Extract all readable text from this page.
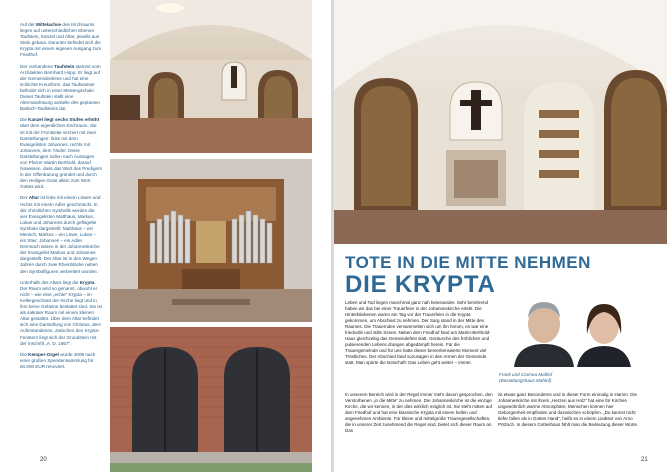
Auf der Mittelachse des Kirchraums liegen auf unterschiedlichen Ebenen Taufstein, Kanzel und Altar, jeweils aus Stein gebaut. Darunter befindet sich die Krypta mit einem eigenen Ausgang zum Friedhof.

Der vorhandene Taufstein stammt vom Architekten Bernhard Hopp. Er liegt auf der Gemeindeebene und hat eine schlichte Kreuzform, das Taufwasser befindet sich in einer Messingschale. Dieser Taufstein stellt eine Alternativlösung anstelle des geplanten Barlach-Taufsteins dar.

Die Kanzel liegt sechs Stufen erhöht über dem eigentlichen Kirchraum. Sie ist mit der Frontseite verziert mit zwei Darstellungen: links mit dem Evangelisten Johannes, rechts mit Johannes, dem Täufer. Diese Darstellungen sollen nach Aussagen von Pfarrer Martin Berthold, darauf hinweisen, dass das Wort des Predigers in der Offenbarung gründet und durch den Heiligen Geist allein zum Wort Gottes wird.

Der Altar ist links mit einem Löwen und rechts mit einem Adler geschmückt. In der christlichen Symbolik werden die vier Evangelisten Matthäus, Markus, Lukas und Johannes durch geflügelte Symbole dargestellt: Matthäus – ein Mensch, Markus – ein Löwe, Lukas – ein Stier, Johannes – ein Adler. Demnach wären in der Johanneskirche der Evangelist Markus und Johannes dargestellt. Der Altar ist in den Wegen Jahren durch zwei Rheinbläcke neben den Symbolfiguren verbreitert worden.

Unterhalb des Altars liegt die Krypta. Der Raum wird so genannt, obwohl er nicht – wie eine „echte“ Krypta – im Kellergeschoss der Kirche liegt und in ihm keine Gebeine bestattet sind. Sie ist als sakraler Raum mit einem kleinen Altar gestaltet. Über dem Altar befindet sich eine Darstellung von Christus, dem Auferstandenen. Zwischen den Krypta-Fenstern liegt sich der Grundstein mit der Inschrift „A. D. 1957“.

Die Kemper-Orgel wurde 2009 nach einer großen Spendensammlung für 60.000 EUR renoviert.

20
TOTE IN DIE MITTE NEHMEN
DIE KRYPTA

Leben und Tod liegen manchmal ganz nah beieinander. Sehr berührend haben wir das bei einer Trauerfeier in der Johanneskirche erlebt. Die Hinterbliebenen waren am Tag vor der Trauerfeier in die Krypta gekommen, um Abschied zu nehmen. Der Sarg stand in der Mitte des Raumes. Die Trauernden versammelten sich um ihn herum, es war eine friedvolle und stille Szene. Neben dem Friedhof fand am Martin-Berthold-Haus gleichzeitig das Gemeindefest statt. Geräusche des fröhlichen und pulsierenden Lebens drangen abgedämpft herein. Für die Trauergemeinde und für uns hatte dieser bemerkenswerte Moment viel Tröstliches. Der Abschied fand sozusagen in den Armen der Gemeinde statt. Man spürte die Botschaft: Das Leben geht weiter – immer.

In unserem Bereich wird in der Regel immer mehr davon gesprochen, den Verstorbenen „in die Mitte“ zu nehmen. Die Johanneskirche ist die einzige Kirche, die wir kennen, in der dies wirklich möglich ist. Sie steht mitten auf dem Friedhof und hat eine klassische Krypta mit einem hellen und angenehmen Ambiente. Für kleine und mittelgroße Trauergesellschaften, die in unserer Zeit zunehmend die Regel sind, bietet sich dieser Raum an. Das

ist etwas ganz Besonderes und in dieser Form einmalig in Hamm. Die Johanneskirche mit ihrem „Herzen aus Holz“ hat eine für Kirchen ungewöhnlich warme Atmosphäre. Menschen können hier Geborgenheit empfinden und dazwischen schöpfen. „Du kannst nicht tiefer fallen als in Gottes Hand“, heißt es in einem Liedtext von Arno Pötzsch. In diesem Gotteshaus fühlt man die Bedeutung dieser Worte.

Frank und Corinna Mahlof
(Bestattungshaus Mahlof)
21
